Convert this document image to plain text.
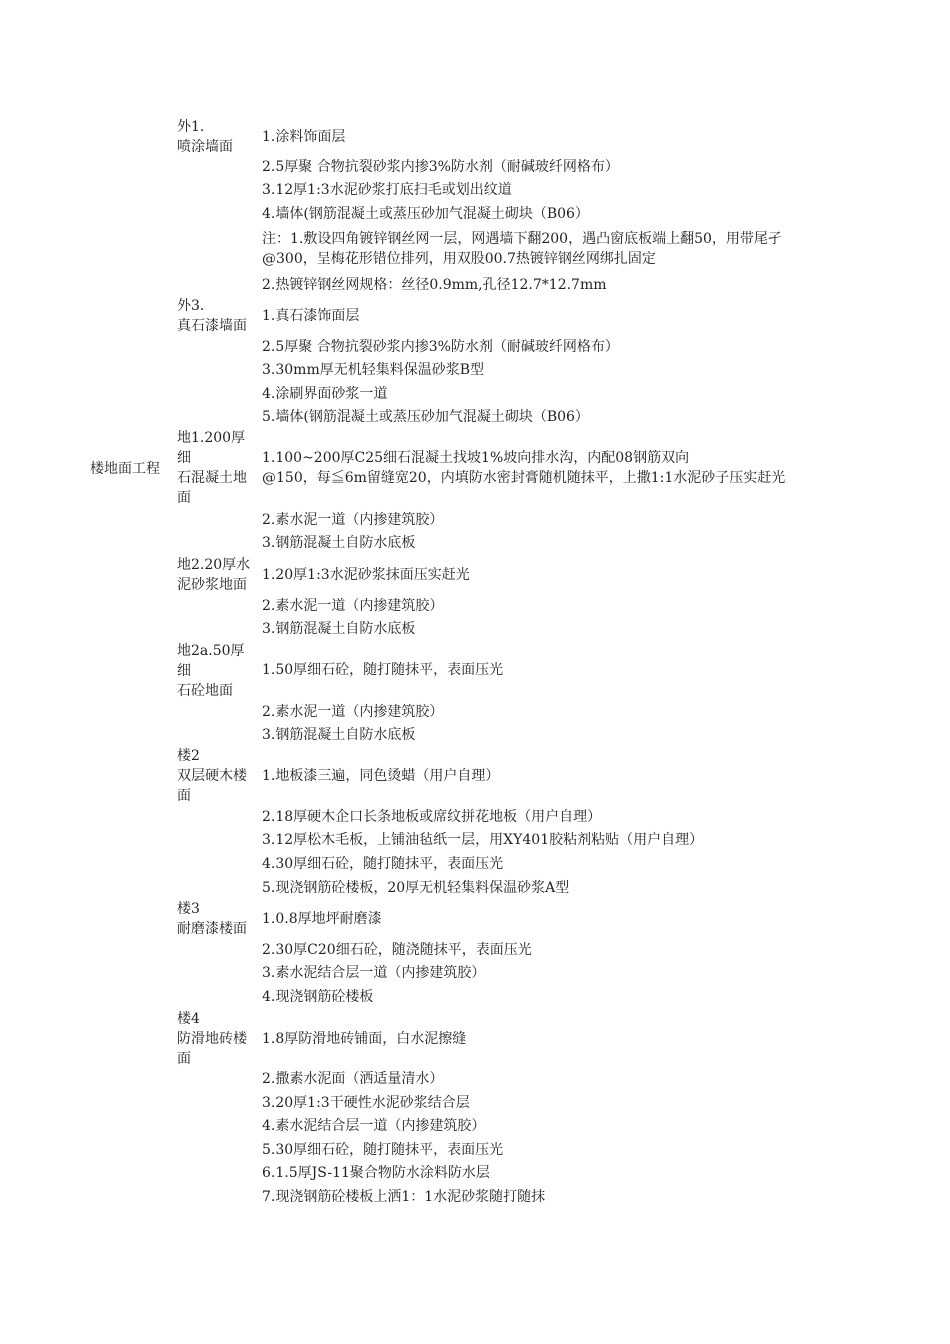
楼地面工程
外1.
喷涂墙面
1.涂料饰面层
2.5厚聚 合物抗裂砂浆内掺3%防水剂（耐碱玻纤网格布）
3.12厚1:3水泥砂浆打底扫毛或划出纹道
4.墙体(钢筋混凝土或蒸压砂加气混凝土砌块（B06）
注：1.敷设四角镀锌钢丝网一层，网遇墙下翻200，遇凸窗底板端上翻50，用带尾孑
@300，呈梅花形错位排列，用双股00.7热镀锌钢丝网绑扎固定
2.热镀锌钢丝网规格：丝径0.9mm,孔径12.7*12.7mm
外3.
真石漆墙面
1.真石漆饰面层
2.5厚聚 合物抗裂砂浆内掺3%防水剂（耐碱玻纤网格布）
3.30mm厚无机轻集料保温砂浆B型
4.涂刷界面砂浆一道
5.墙体(钢筋混凝土或蒸压砂加气混凝土砌块（B06）
地1.200厚
细
石混凝土地
面
1.100~200厚C25细石混凝土找坡1%坡向排水沟，内配08钢筋双向
@150，每≦6m留缝宽20，内填防水密封膏随机随抹平，上撒1:1水泥砂子压实赶光
2.素水泥一道（内掺建筑胶）
3.钢筋混凝土自防水底板
地2.20厚水
泥砂浆地面
1.20厚1:3水泥砂浆抹面压实赶光
2.素水泥一道（内掺建筑胶）
3.钢筋混凝土自防水底板
地2a.50厚
细
石砼地面
1.50厚细石砼，随打随抹平，表面压光
2.素水泥一道（内掺建筑胶）
3.钢筋混凝土自防水底板
楼2
双层硬木楼
面
1.地板漆三遍，同色烫蜡（用户自理）
2.18厚硬木企口长条地板或席纹拼花地板（用户自理）
3.12厚松木毛板，上铺油毡纸一层，用XY401胶粘剂粘贴（用户自理）
4.30厚细石砼，随打随抹平，表面压光
5.现浇钢筋砼楼板，20厚无机轻集料保温砂浆A型
楼3
耐磨漆楼面
1.0.8厚地坪耐磨漆
2.30厚C20细石砼，随浇随抹平，表面压光
3.素水泥结合层一道（内掺建筑胶）
4.现浇钢筋砼楼板
楼4
防滑地砖楼
面
1.8厚防滑地砖铺面，白水泥擦缝
2.撒素水泥面（洒适量清水）
3.20厚1:3干硬性水泥砂浆结合层
4.素水泥结合层一道（内掺建筑胶）
5.30厚细石砼，随打随抹平，表面压光
6.1.5厚JS-11聚合物防水涂料防水层
7.现浇钢筋砼楼板上洒1：1水泥砂浆随打随抹
